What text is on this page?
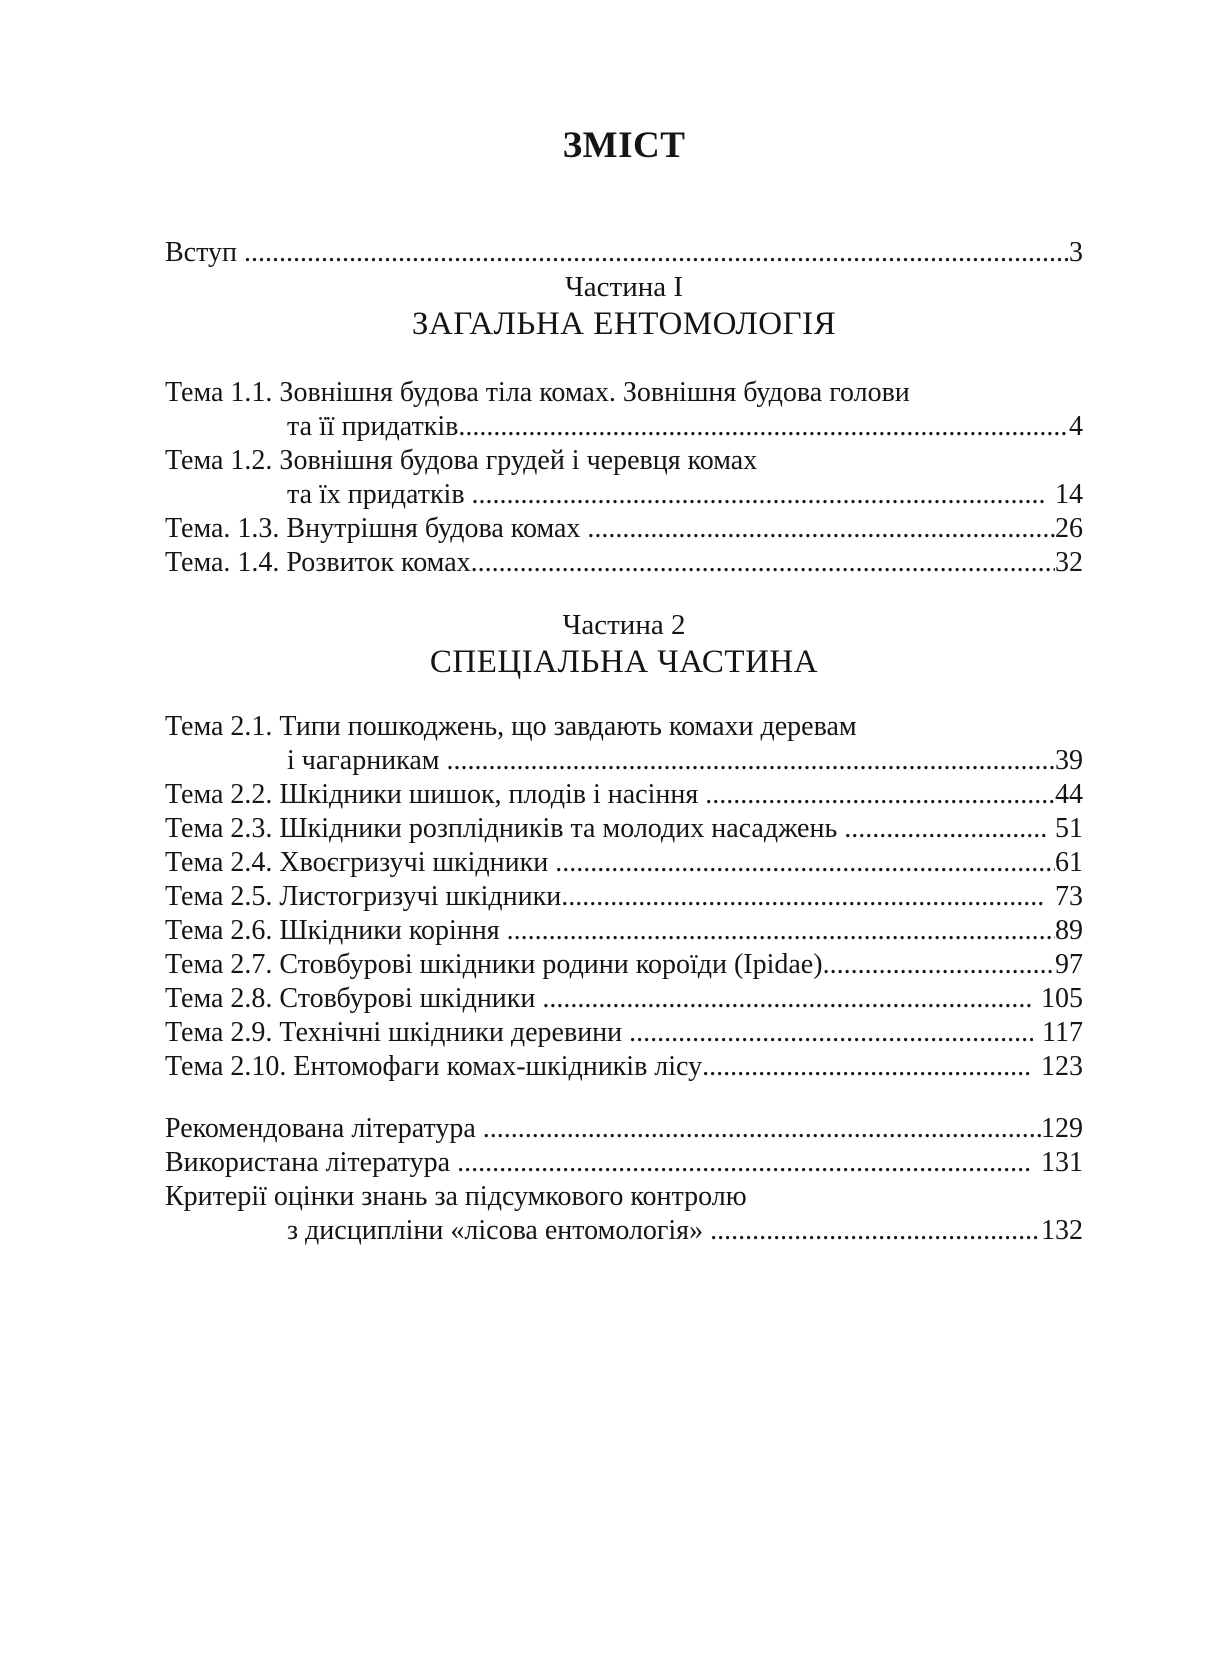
ЗМІСТ
Вступ .....	3
Частина I
ЗАГАЛЬНА ЕНТОМОЛОГІЯ
Тема 1.1. Зовнішня будова тіла комах. Зовнішня будова голови
та її придатків .....	4
Тема 1.2. Зовнішня будова грудей і черевця комах
та їх придатків .....	14
Тема. 1.3. Внутрішня будова комах .....	26
Тема. 1.4. Розвиток комах .....	32
Частина 2
СПЕЦІАЛЬНА ЧАСТИНА
Тема 2.1. Типи пошкоджень, що завдають комахи деревам
і чагарникам .....	39
Тема 2.2. Шкідники шишок, плодів і насіння .....	44
Тема 2.3. Шкідники розплідників та молодих насаджень .....	51
Тема 2.4. Хвоєгризучі шкідники .....	61
Тема 2.5. Листогризучі шкідники .....	73
Тема 2.6. Шкідники коріння .....	89
Тема 2.7. Стовбурові шкідники родини короїди (Ipidae) .....	97
Тема 2.8. Стовбурові шкідники .....	105
Тема 2.9. Технічні шкідники деревини .....	117
Тема 2.10. Ентомофаги комах-шкідників лісу .....	123
Рекомендована література .....	129
Використана література .....	131
Критерії оцінки знань за підсумкового контролю
з дисципліни «лісова ентомологія» .....	132
